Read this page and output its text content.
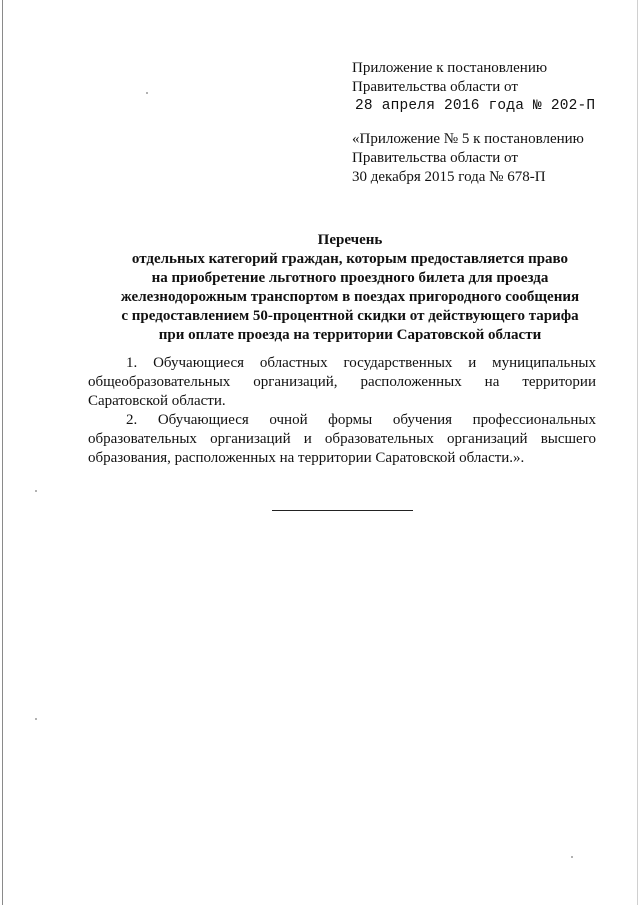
Приложение к постановлению
Правительства области от
28 апреля 2016 года № 202-П
«Приложение № 5 к постановлению
Правительства области от
30 декабря 2015 года № 678-П
Перечень
отдельных категорий граждан, которым предоставляется право
на приобретение льготного проездного билета для проезда
железнодорожным транспортом в поездах пригородного сообщения
с предоставлением 50-процентной скидки от действующего тарифа
при оплате проезда на территории Саратовской области

1. Обучающиеся областных государственных и муниципальных общеобразовательных организаций, расположенных на территории Саратовской области.

2. Обучающиеся очной формы обучения профессиональных образовательных организаций и образовательных организаций высшего образования, расположенных на территории Саратовской области.».
